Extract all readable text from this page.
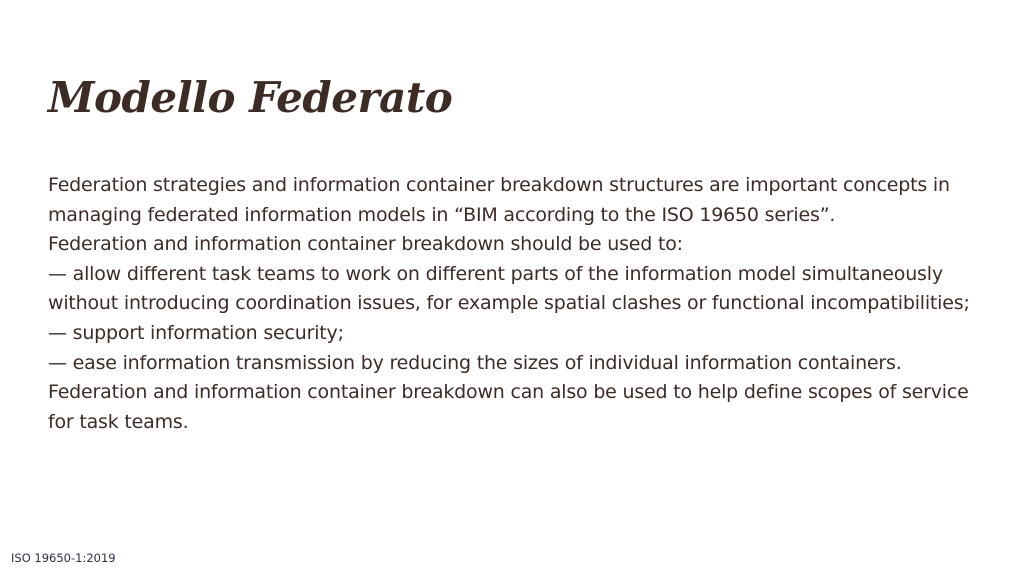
Modello Federato

Federation strategies and information container breakdown structures are important concepts in managing federated information models in “BIM according to the ISO 19650 series”.

Federation and information container breakdown should be used to:

— allow different task teams to work on different parts of the information model simultaneously without introducing coordination issues, for example spatial clashes or functional incompatibilities;

— support information security;

— ease information transmission by reducing the sizes of individual information containers.

Federation and information container breakdown can also be used to help define scopes of service for task teams.

ISO 19650-1:2019
